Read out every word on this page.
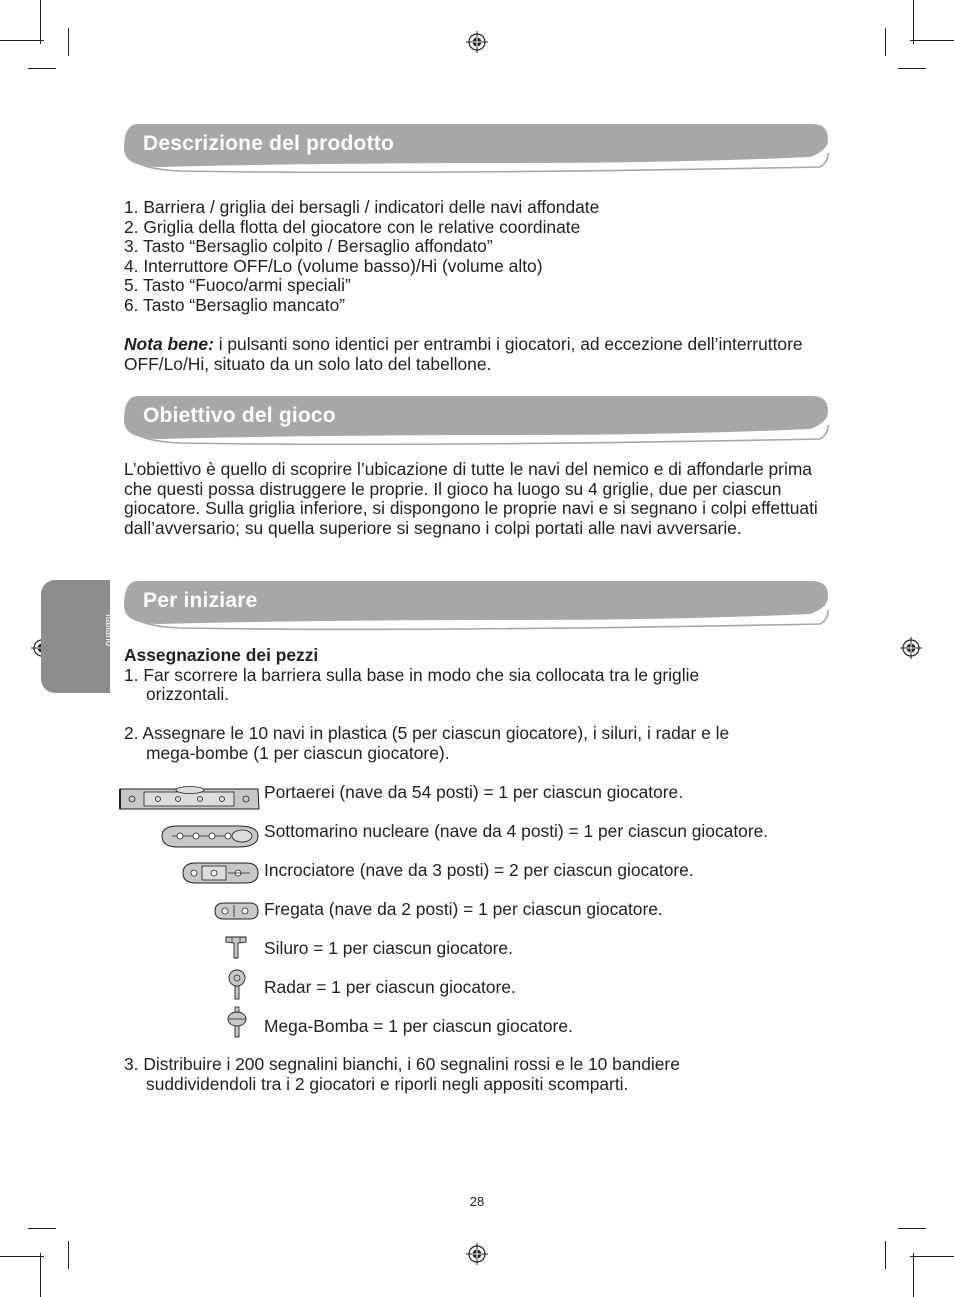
Italiano
Descrizione del prodotto

1. Barriera / griglia dei bersagli / indicatori delle navi affondate

2. Griglia della flotta del giocatore con le relative coordinate

3. Tasto “Bersaglio colpito / Bersaglio affondato”

4. Interruttore OFF/Lo (volume basso)/Hi (volume alto)

5. Tasto “Fuoco/armi speciali”

6. Tasto “Bersaglio mancato”

Nota bene: i pulsanti sono identici per entrambi i giocatori, ad eccezione dell’interruttore OFF/Lo/Hi, situato da un solo lato del tabellone.
Obiettivo del gioco
L’obiettivo è quello di scoprire l’ubicazione di tutte le navi del nemico e di affondarle prima che questi possa distruggere le proprie. Il gioco ha luogo su 4 griglie, due per ciascun giocatore. Sulla griglia inferiore, si dispongono le proprie navi e si segnano i colpi effettuati dall’avversario; su quella superiore si segnano i colpi portati alle navi avversarie.
Per iniziare

Assegnazione dei pezzi

1. Far scorrere la barriera sulla base in modo che sia collocata tra le griglie

orizzontali.

2. Assegnare le 10 navi in plastica (5 per ciascun giocatore), i siluri, i radar e le

mega-bombe (1 per ciascun giocatore).

Portaerei (nave da 54 posti) = 1 per ciascun giocatore.
Sottomarino nucleare (nave da 4 posti) = 1 per ciascun giocatore.
Incrociatore (nave da 3 posti) = 2 per ciascun giocatore.
Fregata (nave da 2 posti) = 1 per ciascun giocatore.
Siluro = 1 per ciascun giocatore.
Radar = 1 per ciascun giocatore.
Mega-Bomba = 1 per ciascun giocatore.

3. Distribuire i 200 segnalini bianchi, i 60 segnalini rossi e le 10 bandiere

suddividendoli tra i 2 giocatori e riporli negli appositi scomparti.

28
